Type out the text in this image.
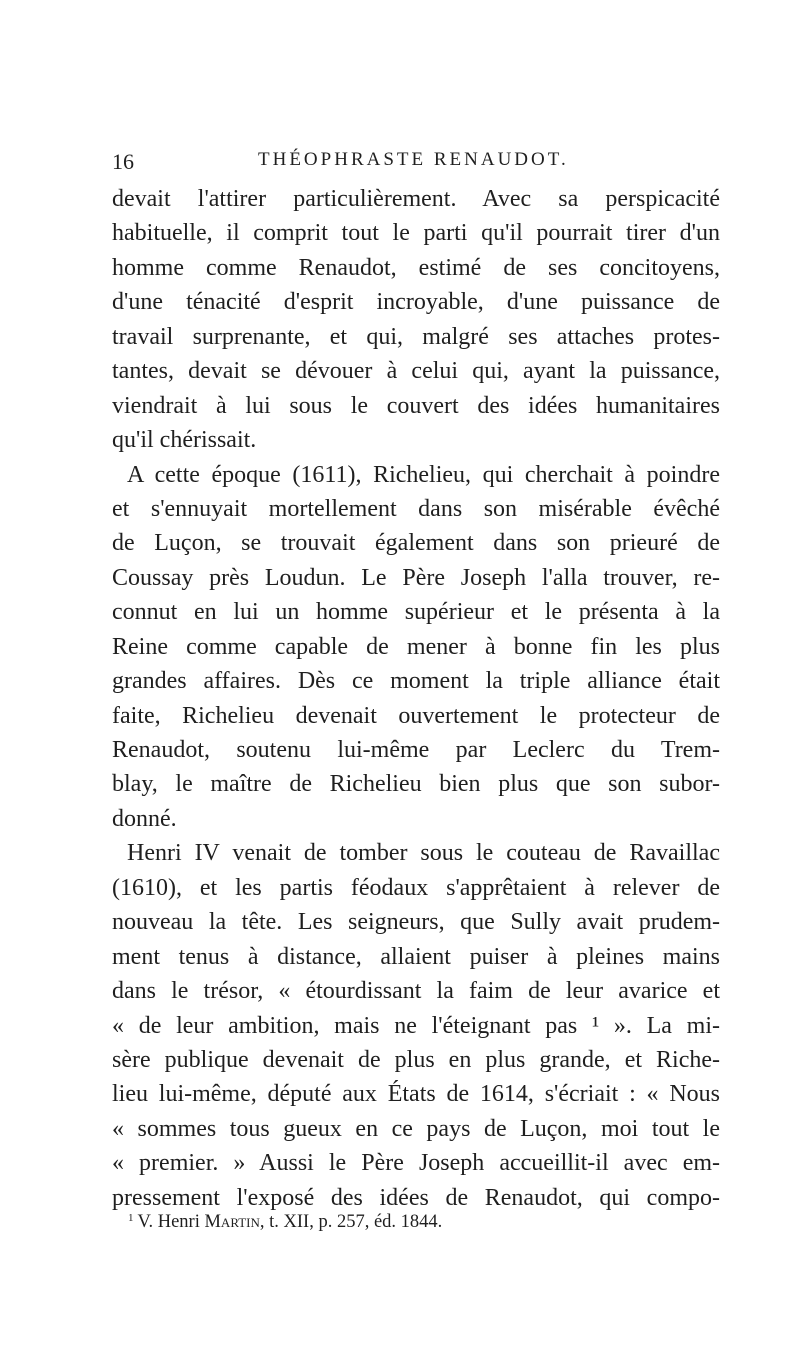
16	THÉOPHRASTE RENAUDOT.
devait l'attirer particulièrement. Avec sa perspicacité
habituelle, il comprit tout le parti qu'il pourrait tirer d'un
homme comme Renaudot, estimé de ses concitoyens,
d'une ténacité d'esprit incroyable, d'une puissance de
travail surprenante, et qui, malgré ses attaches protes-
tantes, devait se dévouer à celui qui, ayant la puissance,
viendrait à lui sous le couvert des idées humanitaires
qu'il chérissait.
A cette époque (1611), Richelieu, qui cherchait à poindre
et s'ennuyait mortellement dans son misérable évêché
de Luçon, se trouvait également dans son prieuré de
Coussay près Loudun. Le Père Joseph l'alla trouver, re-
connut en lui un homme supérieur et le présenta à la
Reine comme capable de mener à bonne fin les plus
grandes affaires. Dès ce moment la triple alliance était
faite, Richelieu devenait ouvertement le protecteur de
Renaudot, soutenu lui-même par Leclerc du Trem-
blay, le maître de Richelieu bien plus que son subor-
donné.
Henri IV venait de tomber sous le couteau de Ravaillac
(1610), et les partis féodaux s'apprêtaient à relever de
nouveau la tête. Les seigneurs, que Sully avait prudem-
ment tenus à distance, allaient puiser à pleines mains
dans le trésor, « étourdissant la faim de leur avarice et
« de leur ambition, mais ne l'éteignant pas ¹ ». La mi-
sère publique devenait de plus en plus grande, et Riche-
lieu lui-même, député aux États de 1614, s'écriait : « Nous
« sommes tous gueux en ce pays de Luçon, moi tout le
« premier. » Aussi le Père Joseph accueillit-il avec em-
pressement l'exposé des idées de Renaudot, qui compo-
$^1$ V. Henri Martin, t. XII, p. 257, éd. 1844.
